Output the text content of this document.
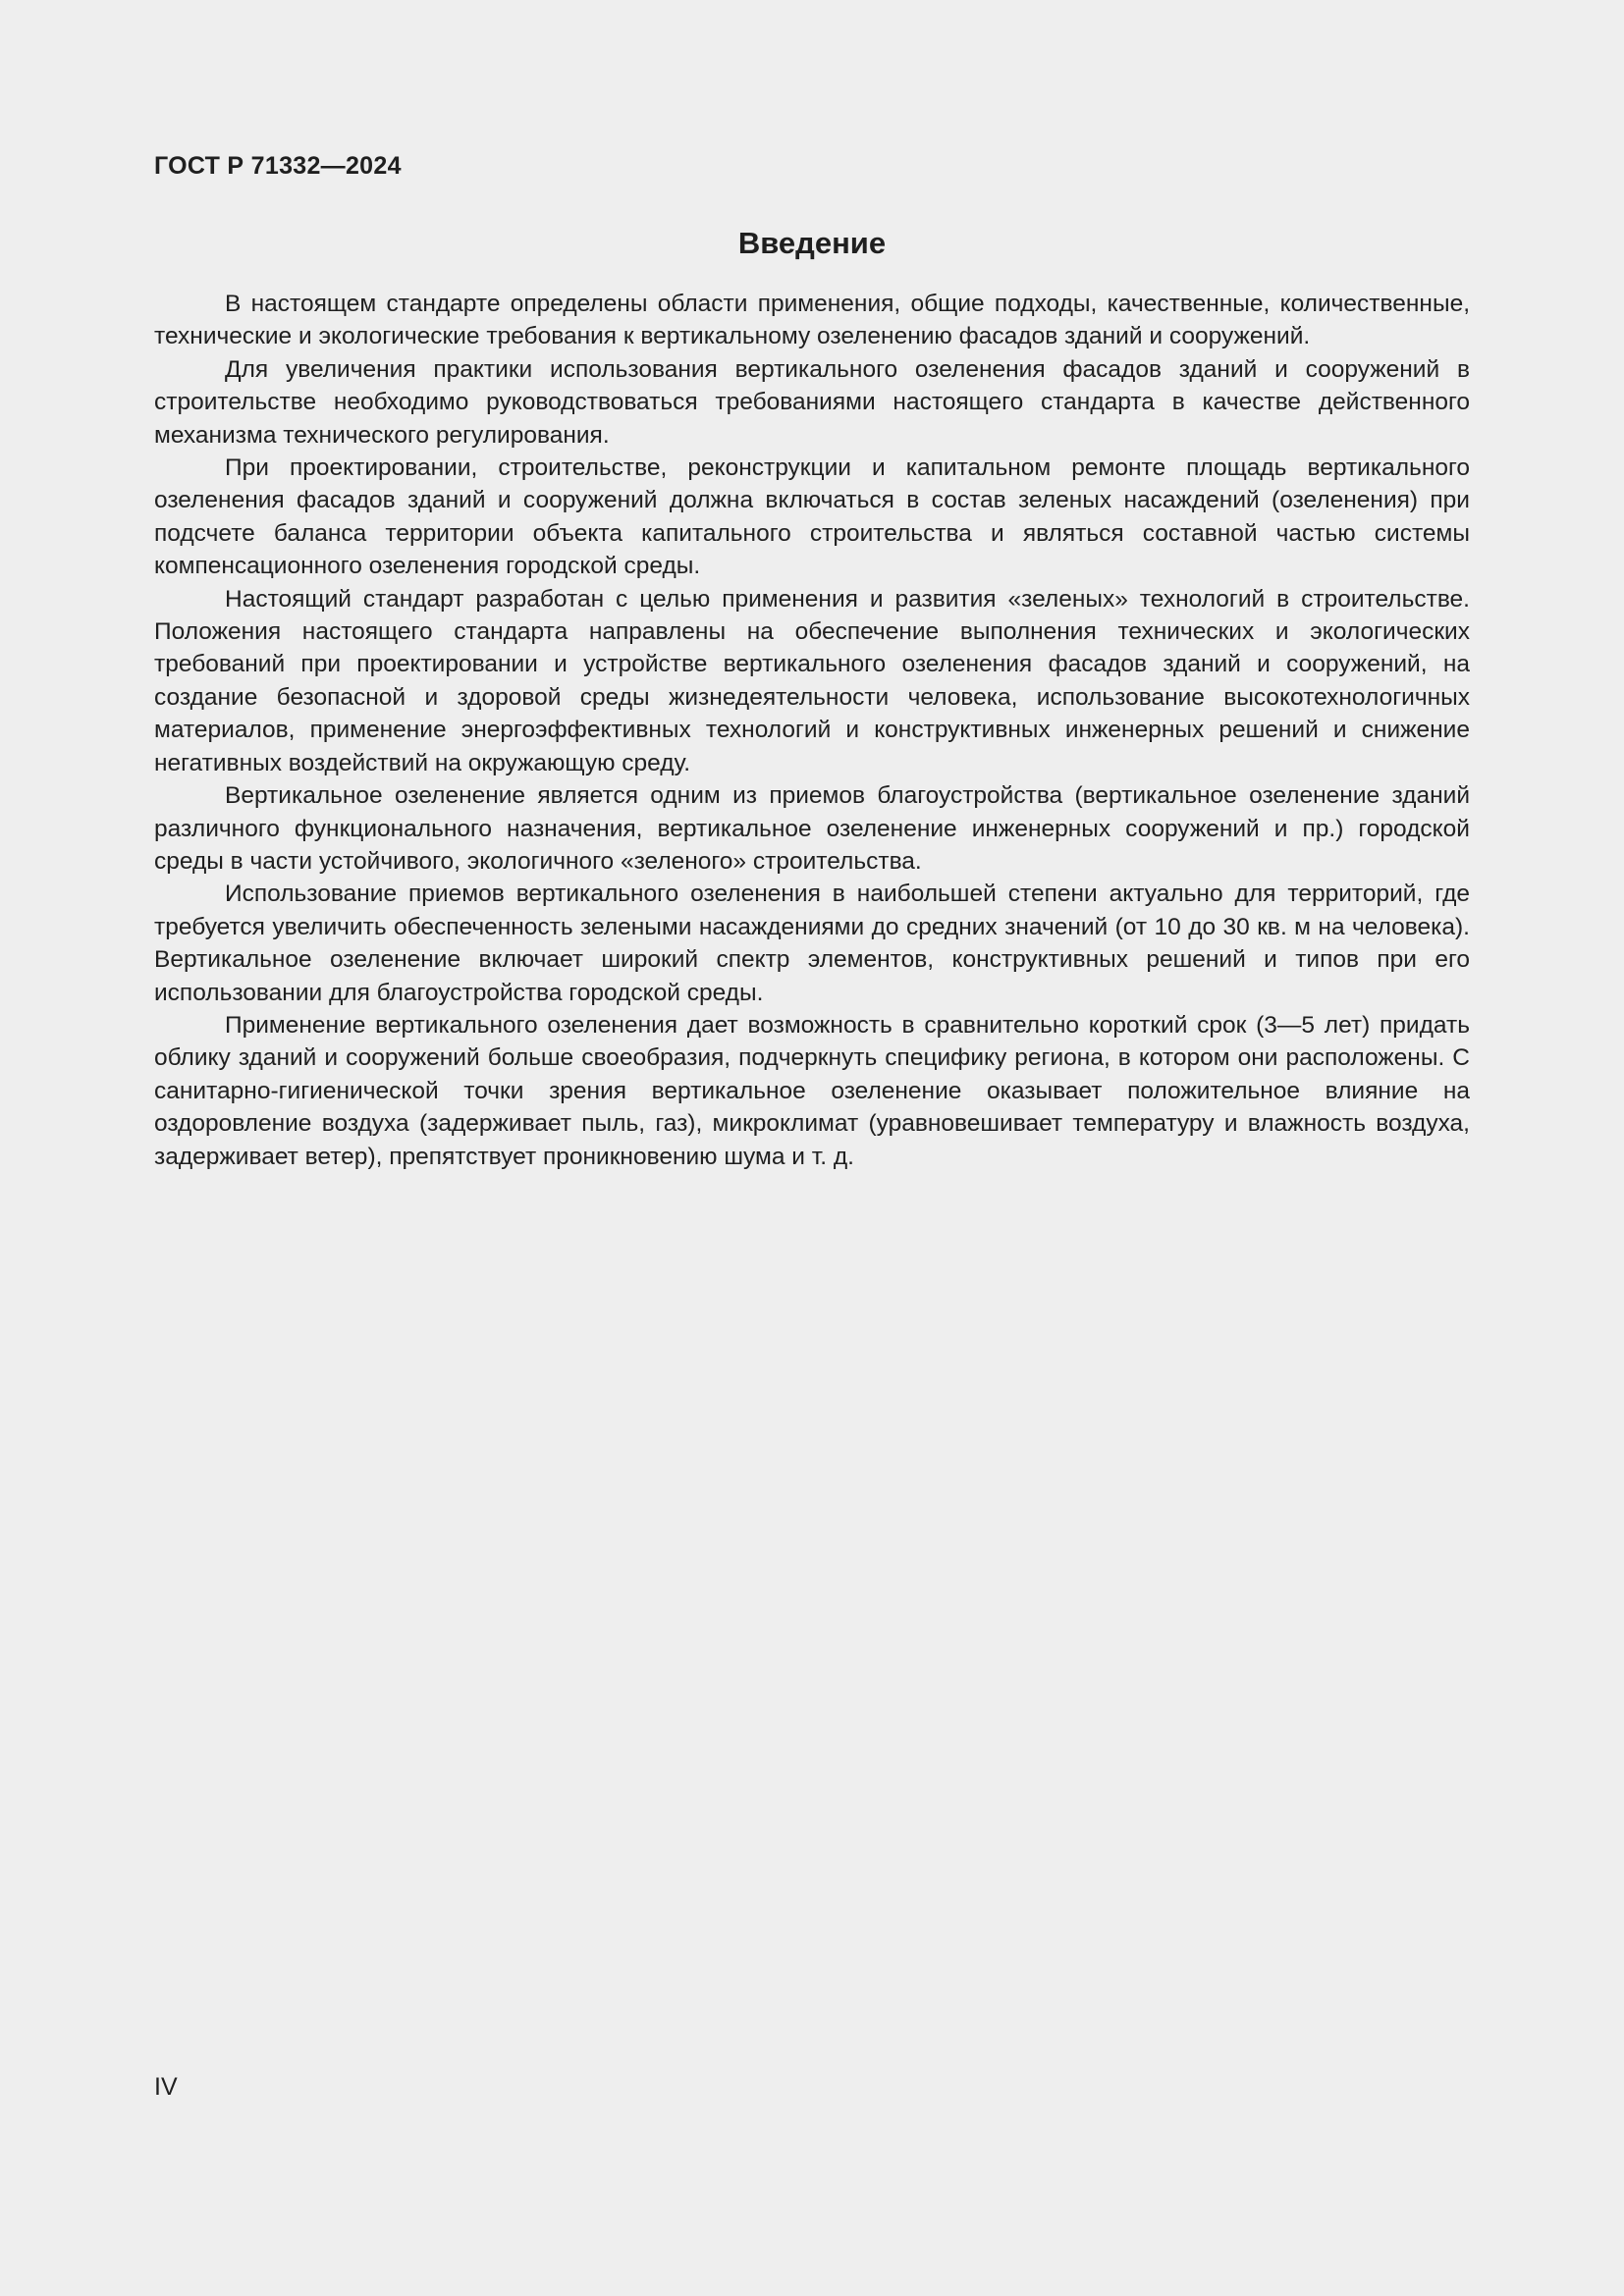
ГОСТ Р 71332—2024
Введение

В настоящем стандарте определены области применения, общие подходы, качественные, количественные, технические и экологические требования к вертикальному озеленению фасадов зданий и сооружений.

Для увеличения практики использования вертикального озеленения фасадов зданий и сооружений в строительстве необходимо руководствоваться требованиями настоящего стандарта в качестве действенного механизма технического регулирования.

При проектировании, строительстве, реконструкции и капитальном ремонте площадь вертикального озеленения фасадов зданий и сооружений должна включаться в состав зеленых насаждений (озеленения) при подсчете баланса территории объекта капитального строительства и являться составной частью системы компенсационного озеленения городской среды.

Настоящий стандарт разработан с целью применения и развития «зеленых» технологий в строительстве. Положения настоящего стандарта направлены на обеспечение выполнения технических и экологических требований при проектировании и устройстве вертикального озеленения фасадов зданий и сооружений, на создание безопасной и здоровой среды жизнедеятельности человека, использование высокотехнологичных материалов, применение энергоэффективных технологий и конструктивных инженерных решений и снижение негативных воздействий на окружающую среду.

Вертикальное озеленение является одним из приемов благоустройства (вертикальное озеленение зданий различного функционального назначения, вертикальное озеленение инженерных сооружений и пр.) городской среды в части устойчивого, экологичного «зеленого» строительства.

Использование приемов вертикального озеленения в наибольшей степени актуально для территорий, где требуется увеличить обеспеченность зелеными насаждениями до средних значений (от 10 до 30 кв. м на человека). Вертикальное озеленение включает широкий спектр элементов, конструктивных решений и типов при его использовании для благоустройства городской среды.

Применение вертикального озеленения дает возможность в сравнительно короткий срок (3—5 лет) придать облику зданий и сооружений больше своеобразия, подчеркнуть специфику региона, в котором они расположены. С санитарно-гигиенической точки зрения вертикальное озеленение оказывает положительное влияние на оздоровление воздуха (задерживает пыль, газ), микроклимат (уравновешивает температуру и влажность воздуха, задерживает ветер), препятствует проникновению шума и т. д.

IV
